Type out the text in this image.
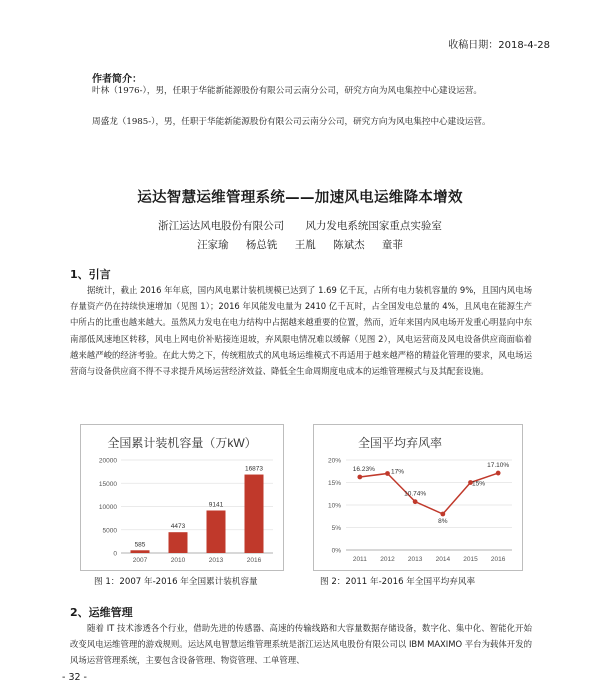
收稿日期：2018-4-28
作者简介：
叶林（1976-），男，任职于华能新能源股份有限公司云南分公司，研究方向为风电集控中心建设运营。
周盛龙（1985-），男，任职于华能新能源股份有限公司云南分公司，研究方向为风电集控中心建设运营。
运达智慧运维管理系统——加速风电运维降本增效
浙江运达风电股份有限公司 风力发电系统国家重点实验室
汪家瑜 杨总铣 王胤 陈斌杰 童菲
1、引言
据统计，截止 2016 年年底，国内风电累计装机规模已达到了 1.69 亿千瓦，占所有电力装机容量的 9%，且国内风电场存量资产仍在持续快速增加（见图 1）；2016 年风能发电量为 2410 亿千瓦时，占全国发电总量的 4%，且风电在能源生产中所占的比重也越来越大。虽然风力发电在电力结构中占据越来越重要的位置，然而，近年来国内风电场开发重心明显向中东南部低风速地区转移，风电上网电价补贴接连退坡，弃风限电情况难以缓解（见图 2），风电运营商及风电设备供应商面临着越来越严峻的经济考验。在此大势之下，传统粗放式的风电场运维模式不再适用于越来越严格的精益化管理的要求，风电场运营商与设备供应商不得不寻求提升风场运营经济效益、降低全生命周期度电成本的运维管理模式与及其配套设施。
全国累计装机容量（万kW）
0
5000
10000
15000
20000
585
2007
4473
2010
9141
2013
16873
2016
全国平均弃风率
0%
5%
10%
15%
20%
16.23%
2011
17%
2012
10.74%
2013
8%
2014
15%
2015
17.10%
2016
图 1：2007 年-2016 年全国累计装机容量	图 2：2011 年-2016 年全国平均弃风率
2、运维管理
随着 IT 技术渗透各个行业，借助先进的传感器、高速的传输线路和大容量数据存储设备，数字化、集中化、智能化开始改变风电运维管理的游戏规则。运达风电智慧运维管理系统是浙江运达风电股份有限公司以 IBM MAXIMO 平台为载体开发的风场运营管理系统，主要包含设备管理、物资管理、工单管理、
- 32 -
